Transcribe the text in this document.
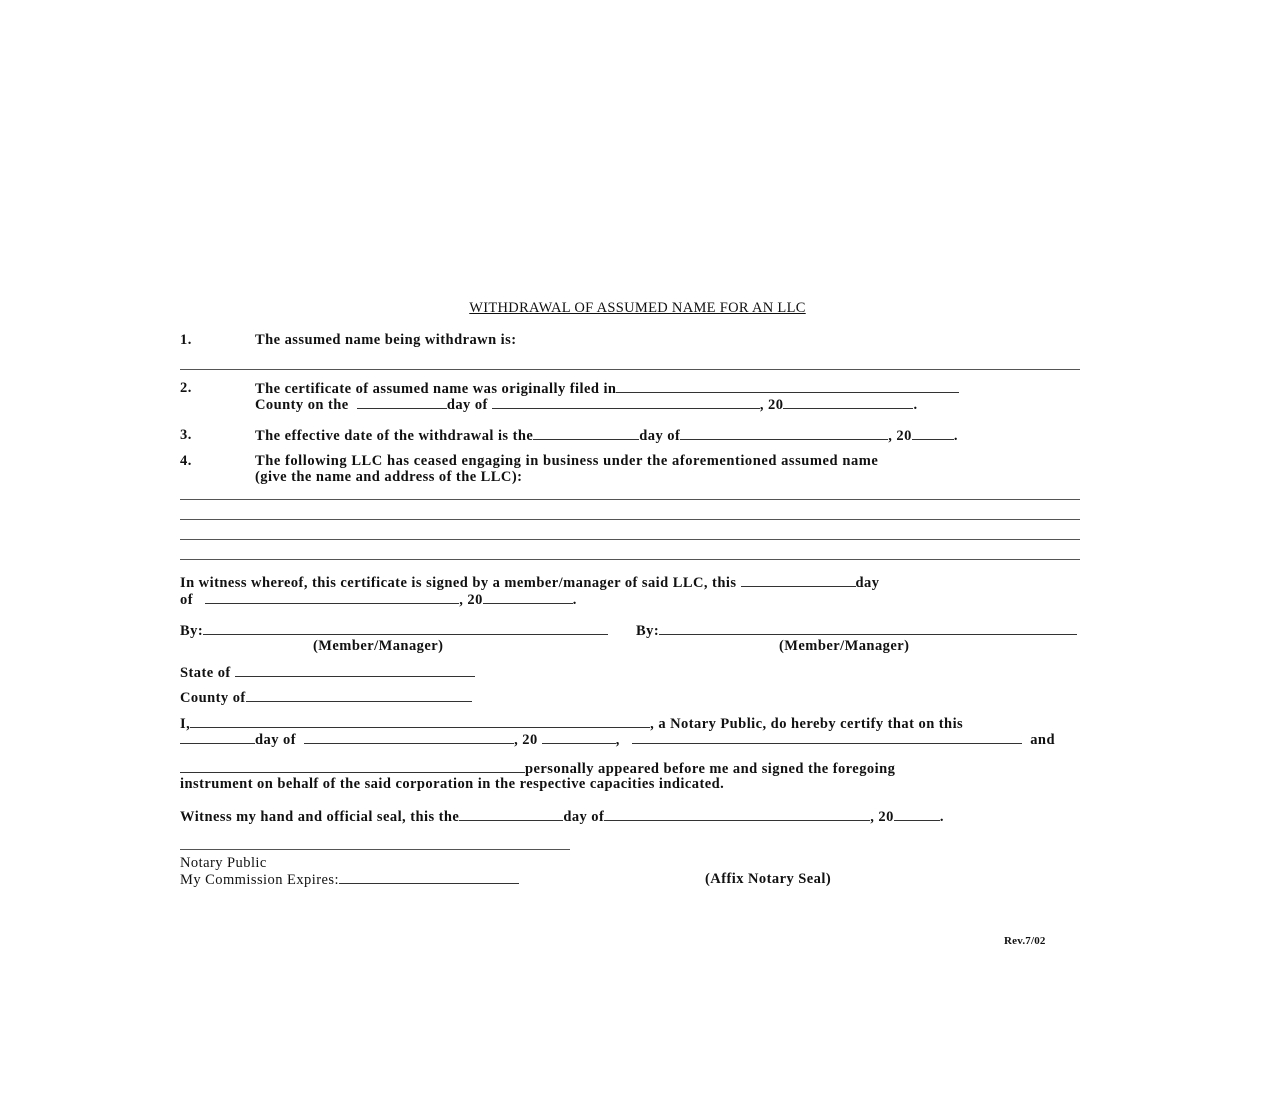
WITHDRAWAL OF ASSUMED NAME FOR AN LLC
1.	The assumed name being withdrawn is:
2.	The certificate of assumed name was originally filed in
County on the	day of	, 20	.
3.	The effective date of the withdrawal is the	day of	, 20	.
4.	The following LLC has ceased engaging in business under the aforementioned assumed name
(give the name and address of the LLC):
In witness whereof, this certificate is signed by a member/manager of said LLC, this	day
of	, 20	.
By:	By:
(Member/Manager)	(Member/Manager)
State of
County of
I,	, a Notary Public, do hereby certify that on this
day of	, 20	,	and
personally appeared before me and signed the foregoing
instrument on behalf of the said corporation in the respective capacities indicated.
Witness my hand and official seal, this the	day of	, 20	.
Notary Public
My Commission Expires:	(Affix Notary Seal)
Rev.7/02
